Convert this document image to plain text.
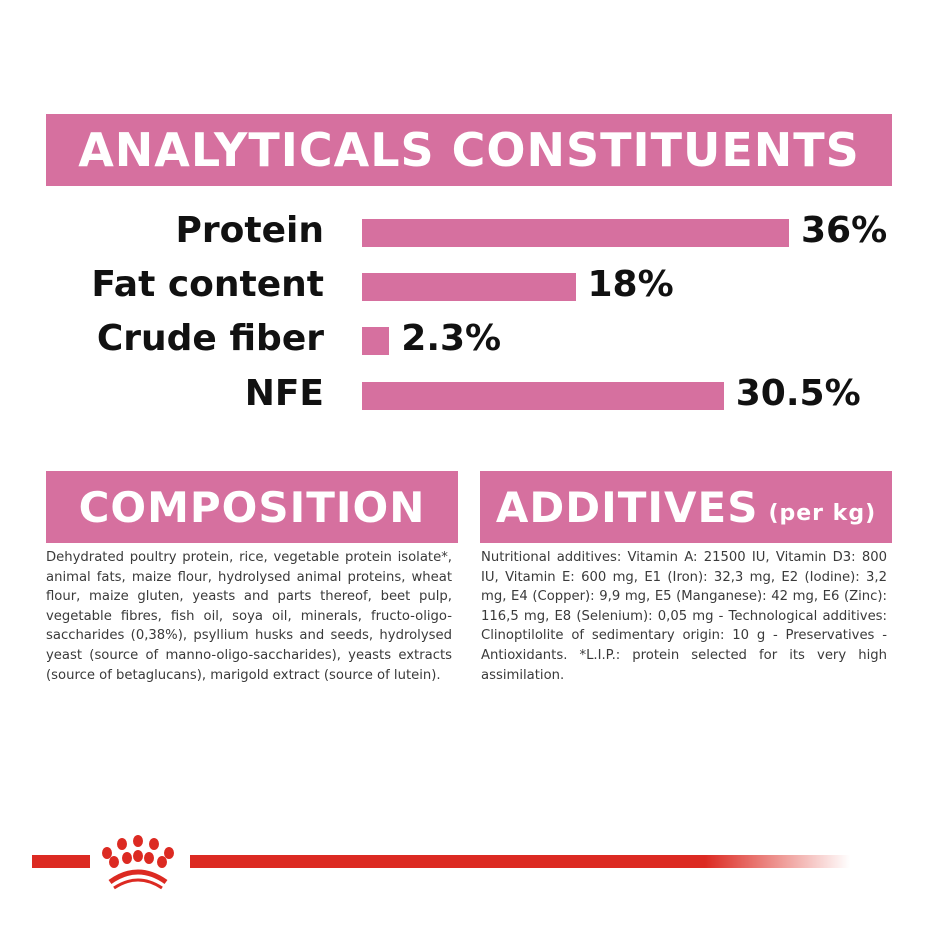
ANALYTICALS CONSTITUENTS
Protein	36%
Fat content	18%
Crude fiber 2.3%
NFE	30.5%
COMPOSITION ADDITIVES (per kg)
Dehydrated poultry protein, rice, vegetable protein isolate*, animal fats, maize flour, hydrolysed animal proteins, wheat flour, maize gluten, yeasts and parts thereof, beet pulp, vegetable fibres, fish oil, soya oil, minerals, fructo-oligo- saccharides (0,38%), psyllium husks and seeds, hydrolysed yeast (source of manno-oligo-saccharides), yeasts extracts (source of betaglucans), marigold extract (source of lutein).
Nutritional additives: Vitamin A: 21500 IU, Vitamin D3: 800 IU, Vitamin E: 600 mg, E1 (Iron): 32,3 mg, E2 (Iodine): 3,2 mg, E4 (Copper): 9,9 mg, E5 (Manganese): 42 mg, E6 (Zinc): 116,5 mg, E8 (Selenium): 0,05 mg - Technological additives: Clinoptilolite of sedimentary origin: 10 g - Preservatives - Antioxidants. *L.I.P.: protein selected for its very high assimilation.
